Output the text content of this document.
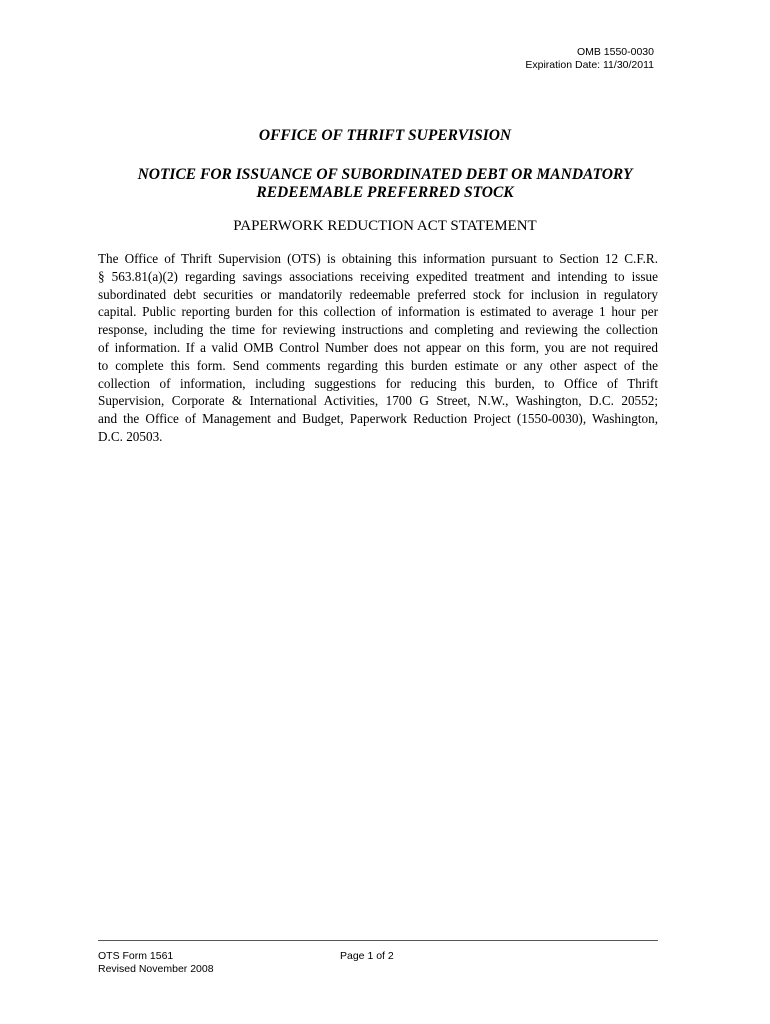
OMB 1550-0030
Expiration Date: 11/30/2011
OFFICE OF THRIFT SUPERVISION
NOTICE FOR ISSUANCE OF SUBORDINATED DEBT OR MANDATORY
REDEEMABLE PREFERRED STOCK
PAPERWORK REDUCTION ACT STATEMENT
The Office of Thrift Supervision (OTS) is obtaining this information pursuant to Section 12 C.F.R.
§ 563.81(a)(2) regarding savings associations receiving expedited treatment and intending to issue
subordinated debt securities or mandatorily redeemable preferred stock for inclusion in regulatory
capital. Public reporting burden for this collection of information is estimated to average 1 hour per
response, including the time for reviewing instructions and completing and reviewing the collection
of information. If a valid OMB Control Number does not appear on this form, you are not required
to complete this form. Send comments regarding this burden estimate or any other aspect of the
collection of information, including suggestions for reducing this burden, to Office of Thrift
Supervision, Corporate & International Activities, 1700 G Street, N.W., Washington, D.C. 20552;
and the Office of Management and Budget, Paperwork Reduction Project (1550-0030), Washington,
D.C. 20503.
OTS Form 1561
Revised November 2008
Page 1 of 2
